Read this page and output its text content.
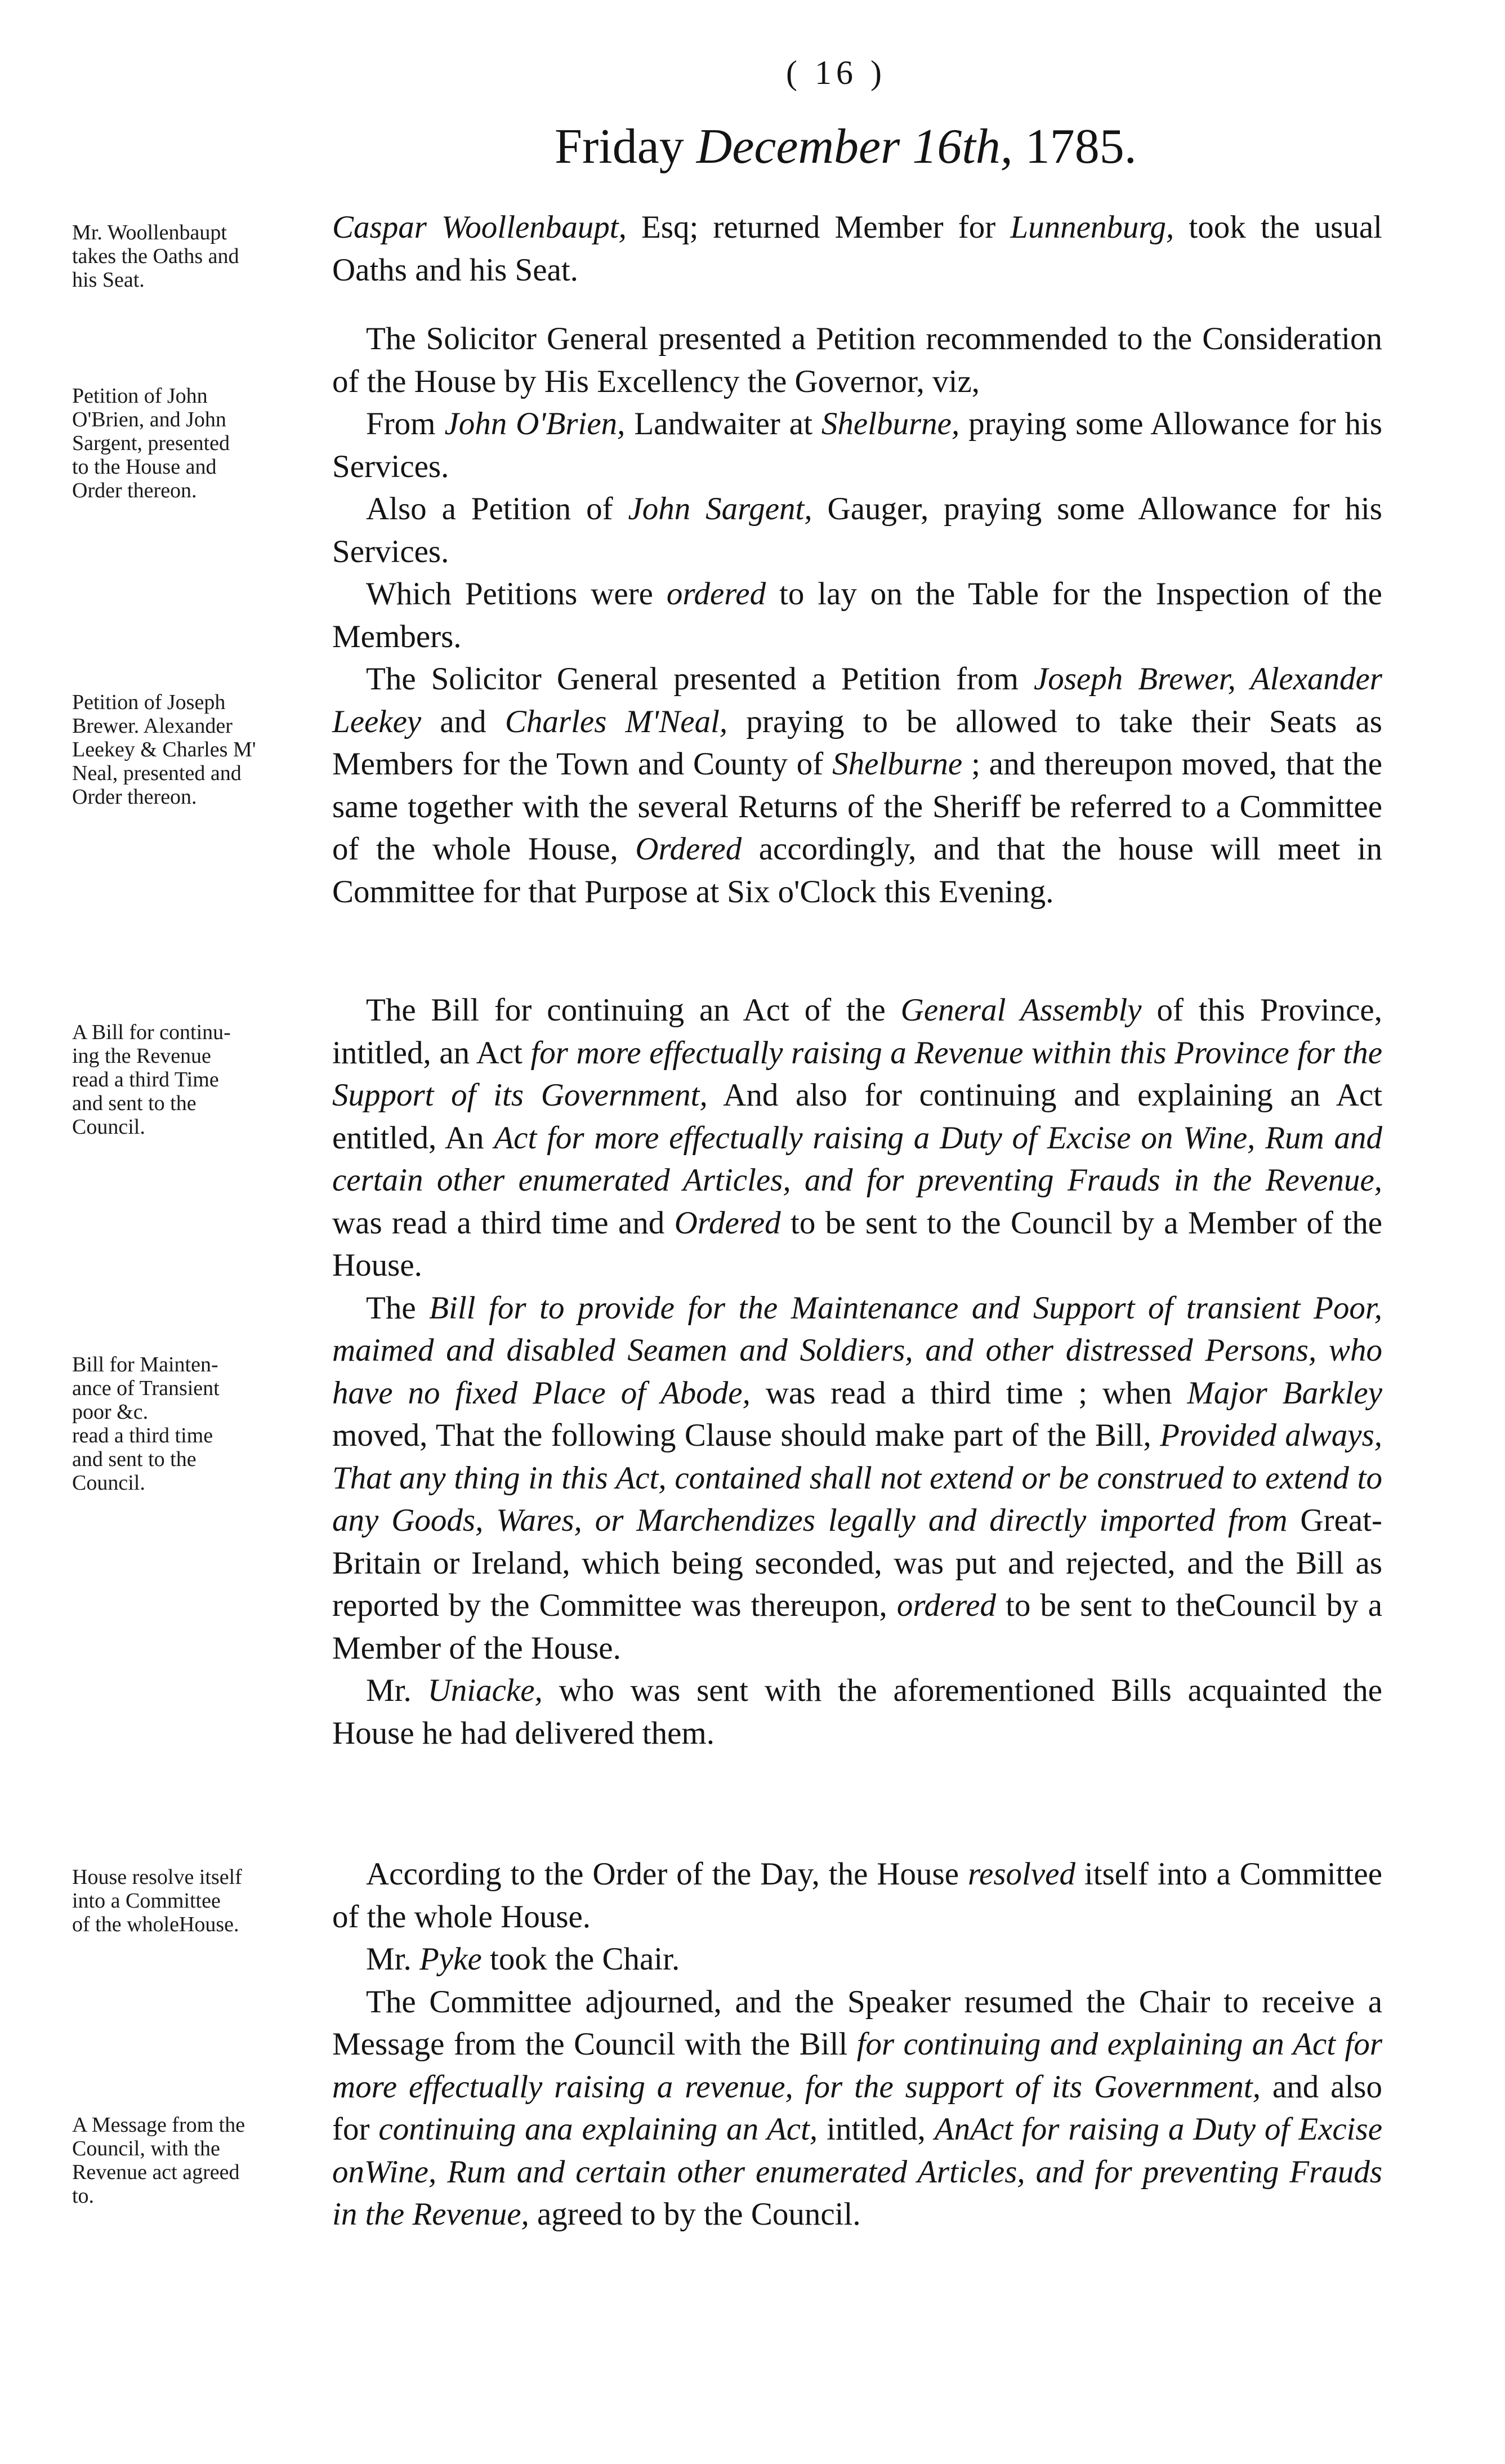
( 16 )
Friday December 16th, 1785.
Mr. Woollenbaupt
takes the Oaths and
his Seat.
Petition of John
O'Brien, and John
Sargent, presented
to the House and
Order thereon.
Petition of Joseph
Brewer. Alexander
Leekey & Charles M'
Neal, presented and
Order thereon.
A Bill for continu-
ing the Revenue
read a third Time
and sent to the
Council.
Bill for Mainten-
ance of Transient
poor &c.
read a third time
and sent to the
Council.
House resolve itself
into a Committee
of the wholeHouse.
A Message from the
Council, with the
Revenue act agreed
to.

Caspar Woollenbaupt, Esq; returned Member for Lunnenburg, took the usual Oaths and his Seat.

The Solicitor General presented a Petition recommended to the Consideration of the House by His Excellency the Governor, viz,

From John O'Brien, Landwaiter at Shelburne, praying some Allowance for his Services.

Also a Petition of John Sargent, Gauger, praying some Allowance for his Services.

Which Petitions were ordered to lay on the Table for the Inspection of the Members.

The Solicitor General presented a Petition from Joseph Brewer, Alexander Leekey and Charles M'Neal, praying to be allowed to take their Seats as Members for the Town and County of Shelburne ; and thereupon moved, that the same together with the several Returns of the Sheriff be referred to a Committee of the whole House, Ordered accordingly, and that the house will meet in Committee for that Purpose at Six o'Clock this Evening.

The Bill for continuing an Act of the General Assembly of this Province, intitled, an Act for more effectually raising a Revenue within this Province for the Support of its Government, And also for continuing and explaining an Act entitled, An Act for more effectually raising a Duty of Excise on Wine, Rum and certain other enumerated Articles, and for preventing Frauds in the Revenue, was read a third time and Ordered to be sent to the Council by a Member of the House.

The Bill for to provide for the Maintenance and Support of transient Poor, maimed and disabled Seamen and Soldiers, and other distressed Persons, who have no fixed Place of Abode, was read a third time ; when Major Barkley moved, That the following Clause should make part of the Bill, Provided always, That any thing in this Act, contained shall not extend or be construed to extend to any Goods, Wares, or Marchendizes legally and directly imported from Great-Britain or Ireland, which being seconded, was put and rejected, and the Bill as reported by the Committee was thereupon, ordered to be sent to theCouncil by a Member of the House.

Mr. Uniacke, who was sent with the aforementioned Bills acquainted the House he had delivered them.

According to the Order of the Day, the House resolved itself into a Committee of the whole House.

Mr. Pyke took the Chair.

The Committee adjourned, and the Speaker resumed the Chair to receive a Message from the Council with the Bill for continuing and explaining an Act for more effectually raising a revenue, for the support of its Government, and also for continuing ana explaining an Act, intitled, AnAct for raising a Duty of Excise onWine, Rum and certain other enumerated Articles, and for preventing Frauds in the Revenue, agreed to by the Council.
